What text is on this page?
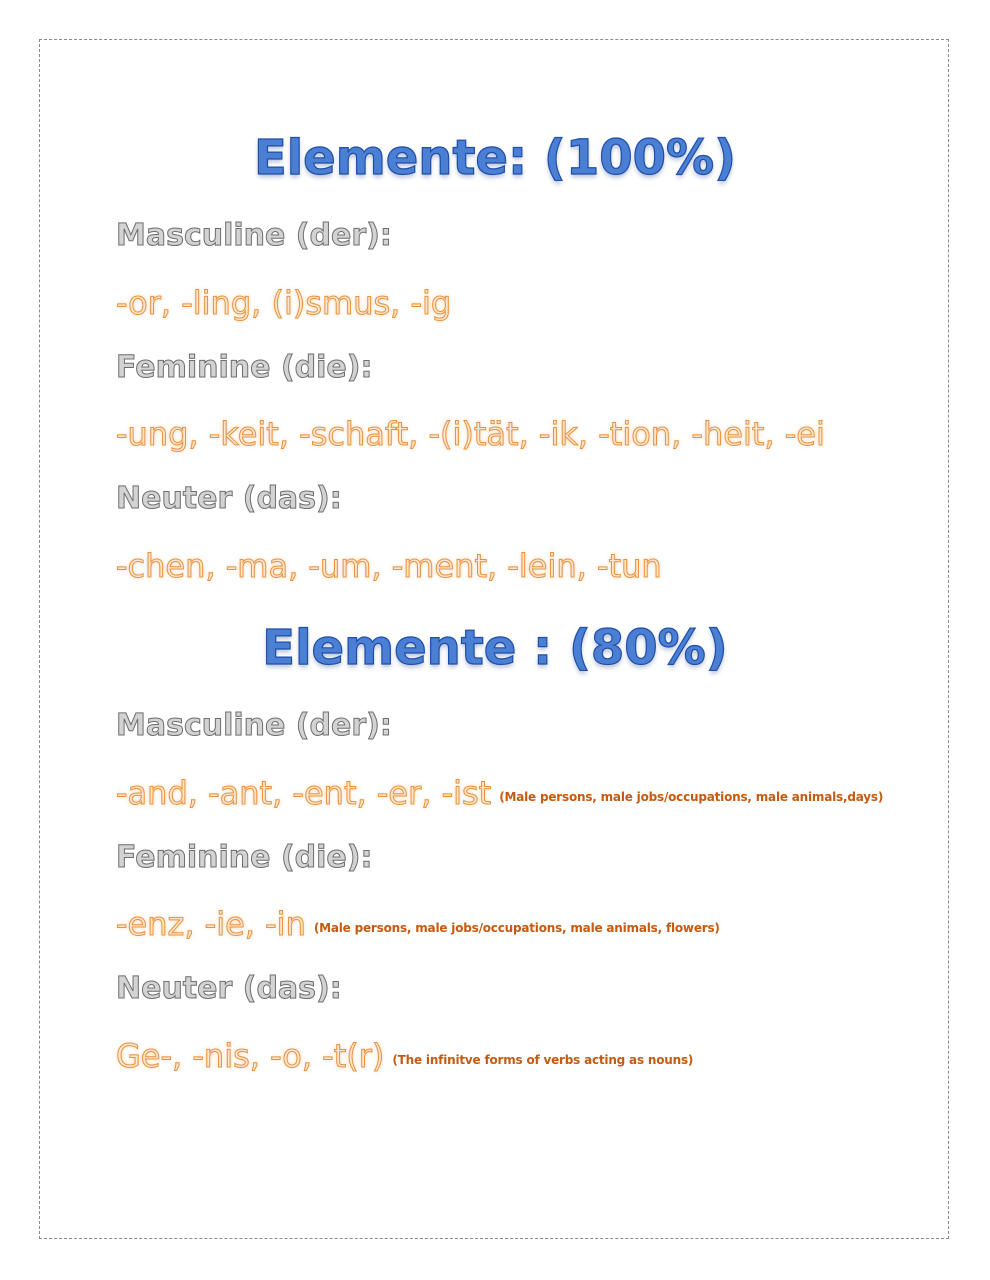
Elemente: (100%)
Masculine (der):
-or, -ling, (i)smus, -ig
Feminine (die):
-ung, -keit, -schaft, -(i)tät, -ik, -tion, -heit, -ei
Neuter (das):
-chen, -ma, -um, -ment, -lein, -tun
Elemente : (80%)
Masculine (der):
-and, -ant, -ent, -er, -ist (Male persons, male jobs/occupations, male animals,days)
Feminine (die):
-enz, -ie, -in (Male persons, male jobs/occupations, male animals, flowers)
Neuter (das):
Ge-, -nis, -o, -t(r) (The infinitve forms of verbs acting as nouns)
